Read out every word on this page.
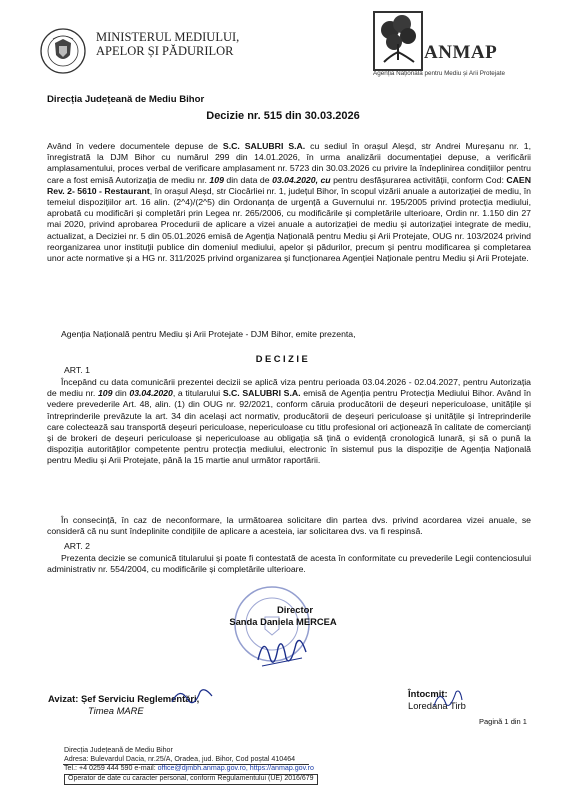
MINISTERUL MEDIULUI,
APELOR ȘI PĂDURILOR	ANMAP
Agenția Națională pentru Mediu și Arii Protejate
Direcția Județeană de Mediu Bihor
Decizie nr. 515 din 30.03.2026
Având în vedere documentele depuse de S.C. SALUBRI S.A. cu sediul în orașul Aleșd, str Andrei Mureșanu nr. 1, înregistrată la DJM Bihor cu numărul 299 din 14.01.2026, în urma analizării documentației depuse, a verificării amplasamentului, proces verbal de verificare amplasament nr. 5723 din 30.03.2026 cu privire la îndeplinirea condițiilor pentru care a fost emisă Autorizația de mediu nr. 109 din data de 03.04.2020, cu pentru desfășurarea activității, conform Cod: CAEN Rev. 2- 5610 - Restaurant, în orașul Aleșd, str Ciocârliei nr. 1, județul Bihor, în scopul vizării anuale a autorizației de mediu, în temeiul dispozițiilor art. 16 alin. (2^4)/(2^5) din Ordonanța de urgență a Guvernului nr. 195/2005 privind protecția mediului, aprobată cu modificări și completări prin Legea nr. 265/2006, cu modificările și completările ulterioare, Ordin nr. 1.150 din 27 mai 2020, privind aprobarea Procedurii de aplicare a vizei anuale a autorizației de mediu și autorizației integrate de mediu, actualizat, a Deciziei nr. 5 din 05.01.2026 emisă de Agenția Națională pentru Mediu și Arii Protejate, OUG nr. 103/2024 privind reorganizarea unor instituții publice din domeniul mediului, apelor și pădurilor, precum și pentru modificarea și completarea unor acte normative și a HG nr. 311/2025 privind organizarea și funcționarea Agenției Naționale pentru Mediu și Arii Protejate.
Agenția Națională pentru Mediu și Arii Protejate - DJM Bihor, emite prezenta,
DECIZIE
ART. 1
Începând cu data comunicării prezentei decizii se aplică viza pentru perioada 03.04.2026 - 02.04.2027, pentru Autorizația de mediu nr. 109 din 03.04.2020, a titularului S.C. SALUBRI S.A. emisă de Agenția pentru Protecția Mediului Bihor. Având în vedere prevederile Art. 48, alin. (1) din OUG nr. 92/2021, conform căruia producătorii de deșeuri nepericuloase, unitățile și întreprinderile prevăzute la art. 34 din același act normativ, producătorii de deșeuri periculoase și unitățile și întreprinderile care colectează sau transportă deșeuri periculoase, nepericuloase cu titlu profesional ori acționează în calitate de comercianți și de brokeri de deșeuri periculoase și nepericuloase au obligația să țină o evidență cronologică lunară, și să o pună la dispoziția autorităților competente pentru protecția mediului, electronic în sistemul pus la dispoziție de Agenția Națională pentru Mediu și Arii Protejate, până la 15 martie anul următor raportării.
În consecință, în caz de neconformare, la următoarea solicitare din partea dvs. privind acordarea vizei anuale, se consideră că nu sunt îndeplinite condițiile de aplicare a acesteia, iar solicitarea dvs. va fi respinsă.
ART. 2
Prezenta decizie se comunică titularului și poate fi contestată de acesta în conformitate cu prevederile Legii contenciosului administrativ nr. 554/2004, cu modificările și completările ulterioare.
Director
Sanda Daniela MERCEA
Avizat: Șef Serviciu Reglementări,
Timea MARE
Întocmit:
Loredana Tirb
Pagină 1 din 1
Direcția Județeană de Mediu Bihor
Adresa: Bulevardul Dacia, nr.25/A, Oradea, jud. Bihor, Cod poștal 410464
Tel.: +4 0259 444 590 e-mail: office@djmbh.anmap.gov.ro, https://anmap.gov.ro
Operator de date cu caracter personal, conform Regulamentului (UE) 2016/679
